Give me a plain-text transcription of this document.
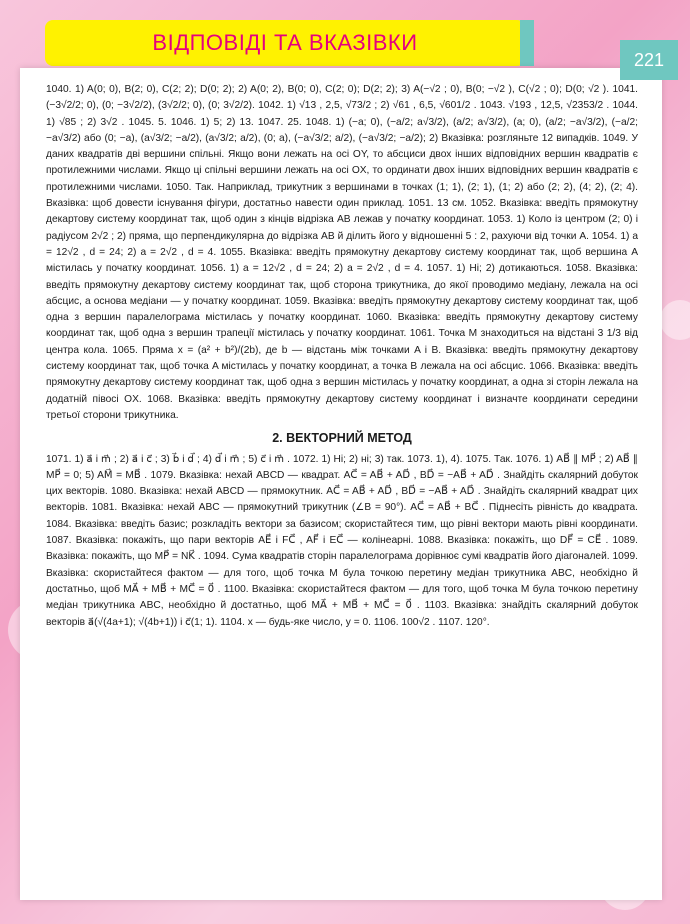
ВІДПОВІДІ ТА ВКАЗІВКИ
221

1040. 1) A(0; 0), B(2; 0), C(2; 2); D(0; 2); 2) A(0; 2), B(0; 0), C(2; 0); D(2; 2); 3) A(−√2 ; 0), B(0; −√2 ), C(√2 ; 0); D(0; √2 ). 1041. (−3√2/2; 0), (0; −3√2/2), (3√2/2; 0), (0; 3√2/2). 1042. 1) √13 , 2,5, √73/2 ; 2) √61 , 6,5, √601/2 . 1043. √193 , 12,5, √2353/2 . 1044. 1) √85 ; 2) 3√2 . 1045. 5. 1046. 1) 5; 2) 13. 1047. 25. 1048. 1) (−a; 0), (−a/2; a√3/2), (a/2; a√3/2), (a; 0), (a/2; −a√3/2), (−a/2; −a√3/2) або (0; −a), (a√3/2; −a/2), (a√3/2; a/2), (0; a), (−a√3/2; a/2), (−a√3/2; −a/2); 2) Вказівка: розгляньте 12 випадків. 1049. У даних квадратів дві вершини спільні. Якщо вони лежать на осі OY, то абсциси двох інших відповідних вершин квадратів є протилежними числами. Якщо ці спільні вершини лежать на осі OX, то ординати двох інших відповідних вершин квадратів є протилежними числами. 1050. Так. Наприклад, трикутник з вершинами в точках (1; 1), (2; 1), (1; 2) або (2; 2), (4; 2), (2; 4). Вказівка: щоб довести існування фігури, достатньо навести один приклад. 1051. 13 см. 1052. Вказівка: введіть прямокутну декартову систему координат так, щоб один з кінців відрізка AB лежав у початку координат. 1053. 1) Коло із центром (2; 0) і радіусом 2√2 ; 2) пряма, що перпендикулярна до відрізка AB й ділить його у відношенні 5 : 2, рахуючи від точки A. 1054. 1) a = 12√2 , d = 24; 2) a = 2√2 , d = 4. 1055. Вказівка: введіть прямокутну декартову систему координат так, щоб вершина A містилась у початку координат. 1056. 1) a = 12√2 , d = 24; 2) a = 2√2 , d = 4. 1057. 1) Ні; 2) дотикаються. 1058. Вказівка: введіть прямокутну декартову систему координат так, щоб сторона трикутника, до якої проводимо медіану, лежала на осі абсцис, а основа медіани — у початку координат. 1059. Вказівка: введіть прямокутну декартову систему координат так, щоб одна з вершин паралелограма містилась у початку координат. 1060. Вказівка: введіть прямокутну декартову систему координат так, щоб одна з вершин трапеції містилась у початку координат. 1061. Точка M знаходиться на відстані 3 1/3 від центра кола. 1065. Пряма x = (a² + b²)/(2b), де b — відстань між точками A і B. Вказівка: введіть прямокутну декартову систему координат так, щоб точка A містилась у початку координат, а точка B лежала на осі абсцис. 1066. Вказівка: введіть прямокутну декартову систему координат так, щоб одна з вершин містилась у початку координат, а одна зі сторін лежала на додатній півосі OX. 1068. Вказівка: введіть прямокутну декартову систему координат і визначте координати середини третьої сторони трикутника.

2. ВЕКТОРНИЙ МЕТОД

1071. 1) a⃗ і m⃗ ; 2) a⃗ і c⃗ ; 3) b⃗ і d⃗ ; 4) d⃗ і m⃗ ; 5) c⃗ і m⃗ . 1072. 1) Ні; 2) ні; 3) так. 1073. 1), 4). 1075. Так. 1076. 1) AB⃗ ∥ MP⃗ ; 2) AB⃗ ∥ MP⃗ = 0; 5) AM⃗ = MB⃗ . 1079. Вказівка: нехай ABCD — квадрат. AC⃗ = AB⃗ + AD⃗ , BD⃗ = −AB⃗ + AD⃗ . Знайдіть скалярний добуток цих векторів. 1080. Вказівка: нехай ABCD — прямокутник. AC⃗ = AB⃗ + AD⃗ , BD⃗ = −AB⃗ + AD⃗ . Знайдіть скалярний квадрат цих векторів. 1081. Вказівка: нехай ABC — прямокутний трикутник (∠B = 90°). AC⃗ = AB⃗ + BC⃗ . Піднесіть рівність до квадрата. 1084. Вказівка: введіть базис; розкладіть вектори за базисом; скористайтеся тим, що рівні вектори мають рівні координати. 1087. Вказівка: покажіть, що пари векторів AE⃗ і FC⃗ , AF⃗ і EC⃗ — колінеарні. 1088. Вказівка: покажіть, що DF⃗ = CE⃗ . 1089. Вказівка: покажіть, що MP⃗ = NK⃗ . 1094. Сума квадратів сторін паралелограма дорівнює сумі квадратів його діагоналей. 1099. Вказівка: скористайтеся фактом — для того, щоб точка M була точкою перетину медіан трикутника ABC, необхідно й достатньо, щоб MA⃗ + MB⃗ + MC⃗ = 0⃗ . 1100. Вказівка: скористайтеся фактом — для того, щоб точка M була точкою перетину медіан трикутника ABC, необхідно й достатньо, щоб MA⃗ + MB⃗ + MC⃗ = 0⃗ . 1103. Вказівка: знайдіть скалярний добуток векторів a⃗(√(4a+1); √(4b+1)) і c⃗(1; 1). 1104. x — будь-яке число, y = 0. 1106. 100√2 . 1107. 120°.
